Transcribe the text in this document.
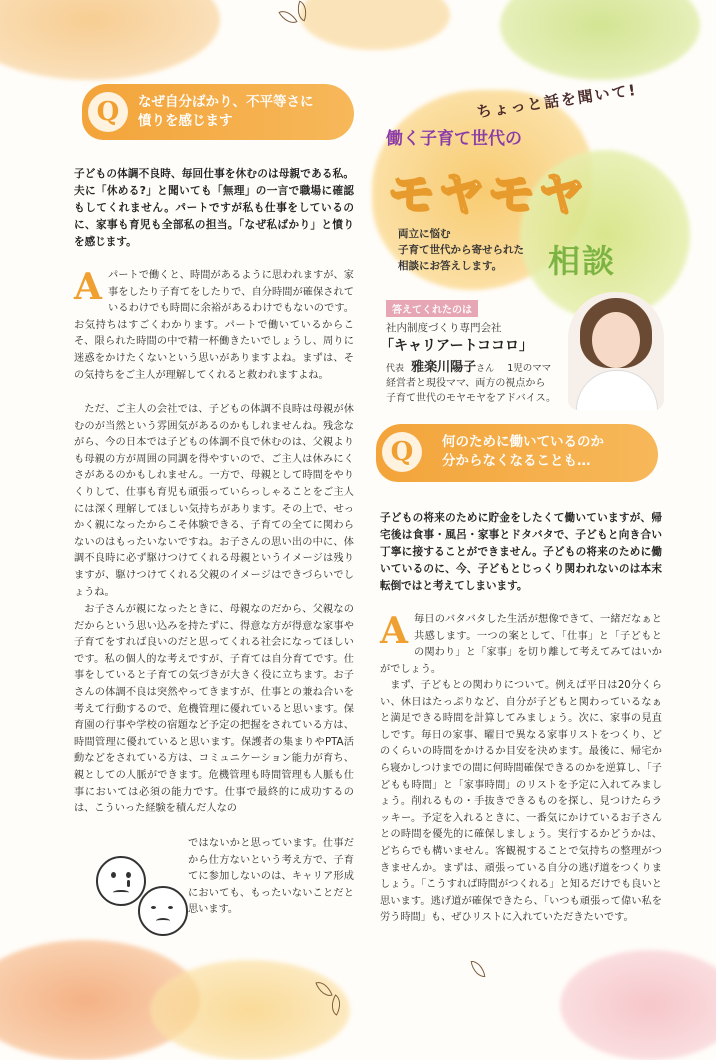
ちょっと話を聞いて!
働く子育て世代の
モヤモヤ
両立に悩む
子育て世代から寄せられた
相談にお答えします。	相談
答えてくれたのは
社内制度づくり専門会社
「キャリアートココロ」
代表 雅楽川陽子さん 1児のママ
経営者と現役ママ、両方の視点から
子育て世代のモヤモヤをアドバイス。
Q	なぜ自分ばかり、不平等さに
憤りを感じます
子どもの体調不良時、毎回仕事を休むのは母親である私。夫に「休める?」と聞いても「無理」の一言で職場に確認もしてくれません。パートですが私も仕事をしているのに、家事も育児も全部私の担当。「なぜ私ばかり」と憤りを感じます。
A パートで働くと、時間があるように思われますが、家事をしたり子育てをしたりで、自分時間が確保されているわけでも時間に余裕があるわけでもないのです。お気持ちはすごくわかります。パートで働いているからこそ、限られた時間の中で精一杯働きたいでしょうし、周りに迷惑をかけたくないという思いがありますよね。まずは、その気持ちをご主人が理解してくれると救われますよね。
ただ、ご主人の会社では、子どもの体調不良時は母親が休むのが当然という雰囲気があるのかもしれませんね。残念ながら、今の日本では子どもの体調不良で休むのは、父親よりも母親の方が周囲の同調を得やすいので、ご主人は休みにくさがあるのかもしれません。一方で、母親として時間をやりくりして、仕事も育児も頑張っていらっしゃることをご主人には深く理解してほしい気持ちがあります。その上で、せっかく親になったからこそ体験できる、子育ての全てに関わらないのはもったいないですね。お子さんの思い出の中に、体調不良時に必ず駆けつけてくれる母親というイメージは残りますが、駆けつけてくれる父親のイメージはできづらいでしょうね。
お子さんが親になったときに、母親なのだから、父親なのだからという思い込みを持たずに、得意な方が得意な家事や子育てをすれば良いのだと思ってくれる社会になってほしいです。私の個人的な考えですが、子育ては自分育てです。仕事をしていると子育ての気づきが大きく役に立ちます。お子さんの体調不良は突然やってきますが、仕事との兼ね合いを考えて行動するので、危機管理に優れていると思います。保育園の行事や学校の宿題など予定の把握をされている方は、時間管理に優れていると思います。保護者の集まりやPTA活動などをされている方は、コミュニケーション能力が育ち、親としての人脈ができます。危機管理も時間管理も人脈も仕事においては必須の能力です。仕事で最終的に成功するのは、こういった経験を積んだ人なの
ではないかと思っています。仕事だから仕方ないという考え方で、子育てに参加しないのは、キャリア形成においても、もったいないことだと思います。
Q	何のために働いているのか
分からなくなることも…
子どもの将来のために貯金をしたくて働いていますが、帰宅後は食事・風呂・家事とドタバタで、子どもと向き合い丁寧に接することができません。子どもの将来のために働いているのに、今、子どもとじっくり関われないのは本末転倒ではと考えてしまいます。
A 毎日のバタバタした生活が想像できて、一緒だなぁと共感します。一つの案として、「仕事」と「子どもとの関わり」と「家事」を切り離して考えてみてはいかがでしょう。
まず、子どもとの関わりについて。例えば平日は20分くらい、休日はたっぷりなど、自分が子どもと関わっているなぁと満足できる時間を計算してみましょう。次に、家事の見直しです。毎日の家事、曜日で異なる家事リストをつくり、どのくらいの時間をかけるか目安を決めます。最後に、帰宅から寝かしつけまでの間に何時間確保できるのかを逆算し、「子どもも時間」と「家事時間」のリストを予定に入れてみましょう。削れるもの・手抜きできるものを探し、見つけたらラッキー。予定を入れるときに、一番気にかけているお子さんとの時間を優先的に確保しましょう。実行するかどうかは、どちらでも構いません。客観視することで気持ちの整理がつきませんか。まずは、頑張っている自分の逃げ道をつくりましょう。「こうすれば時間がつくれる」と知るだけでも良いと思います。逃げ道が確保できたら、「いつも頑張って偉い私を労う時間」も、ぜひリストに入れていただきたいです。
